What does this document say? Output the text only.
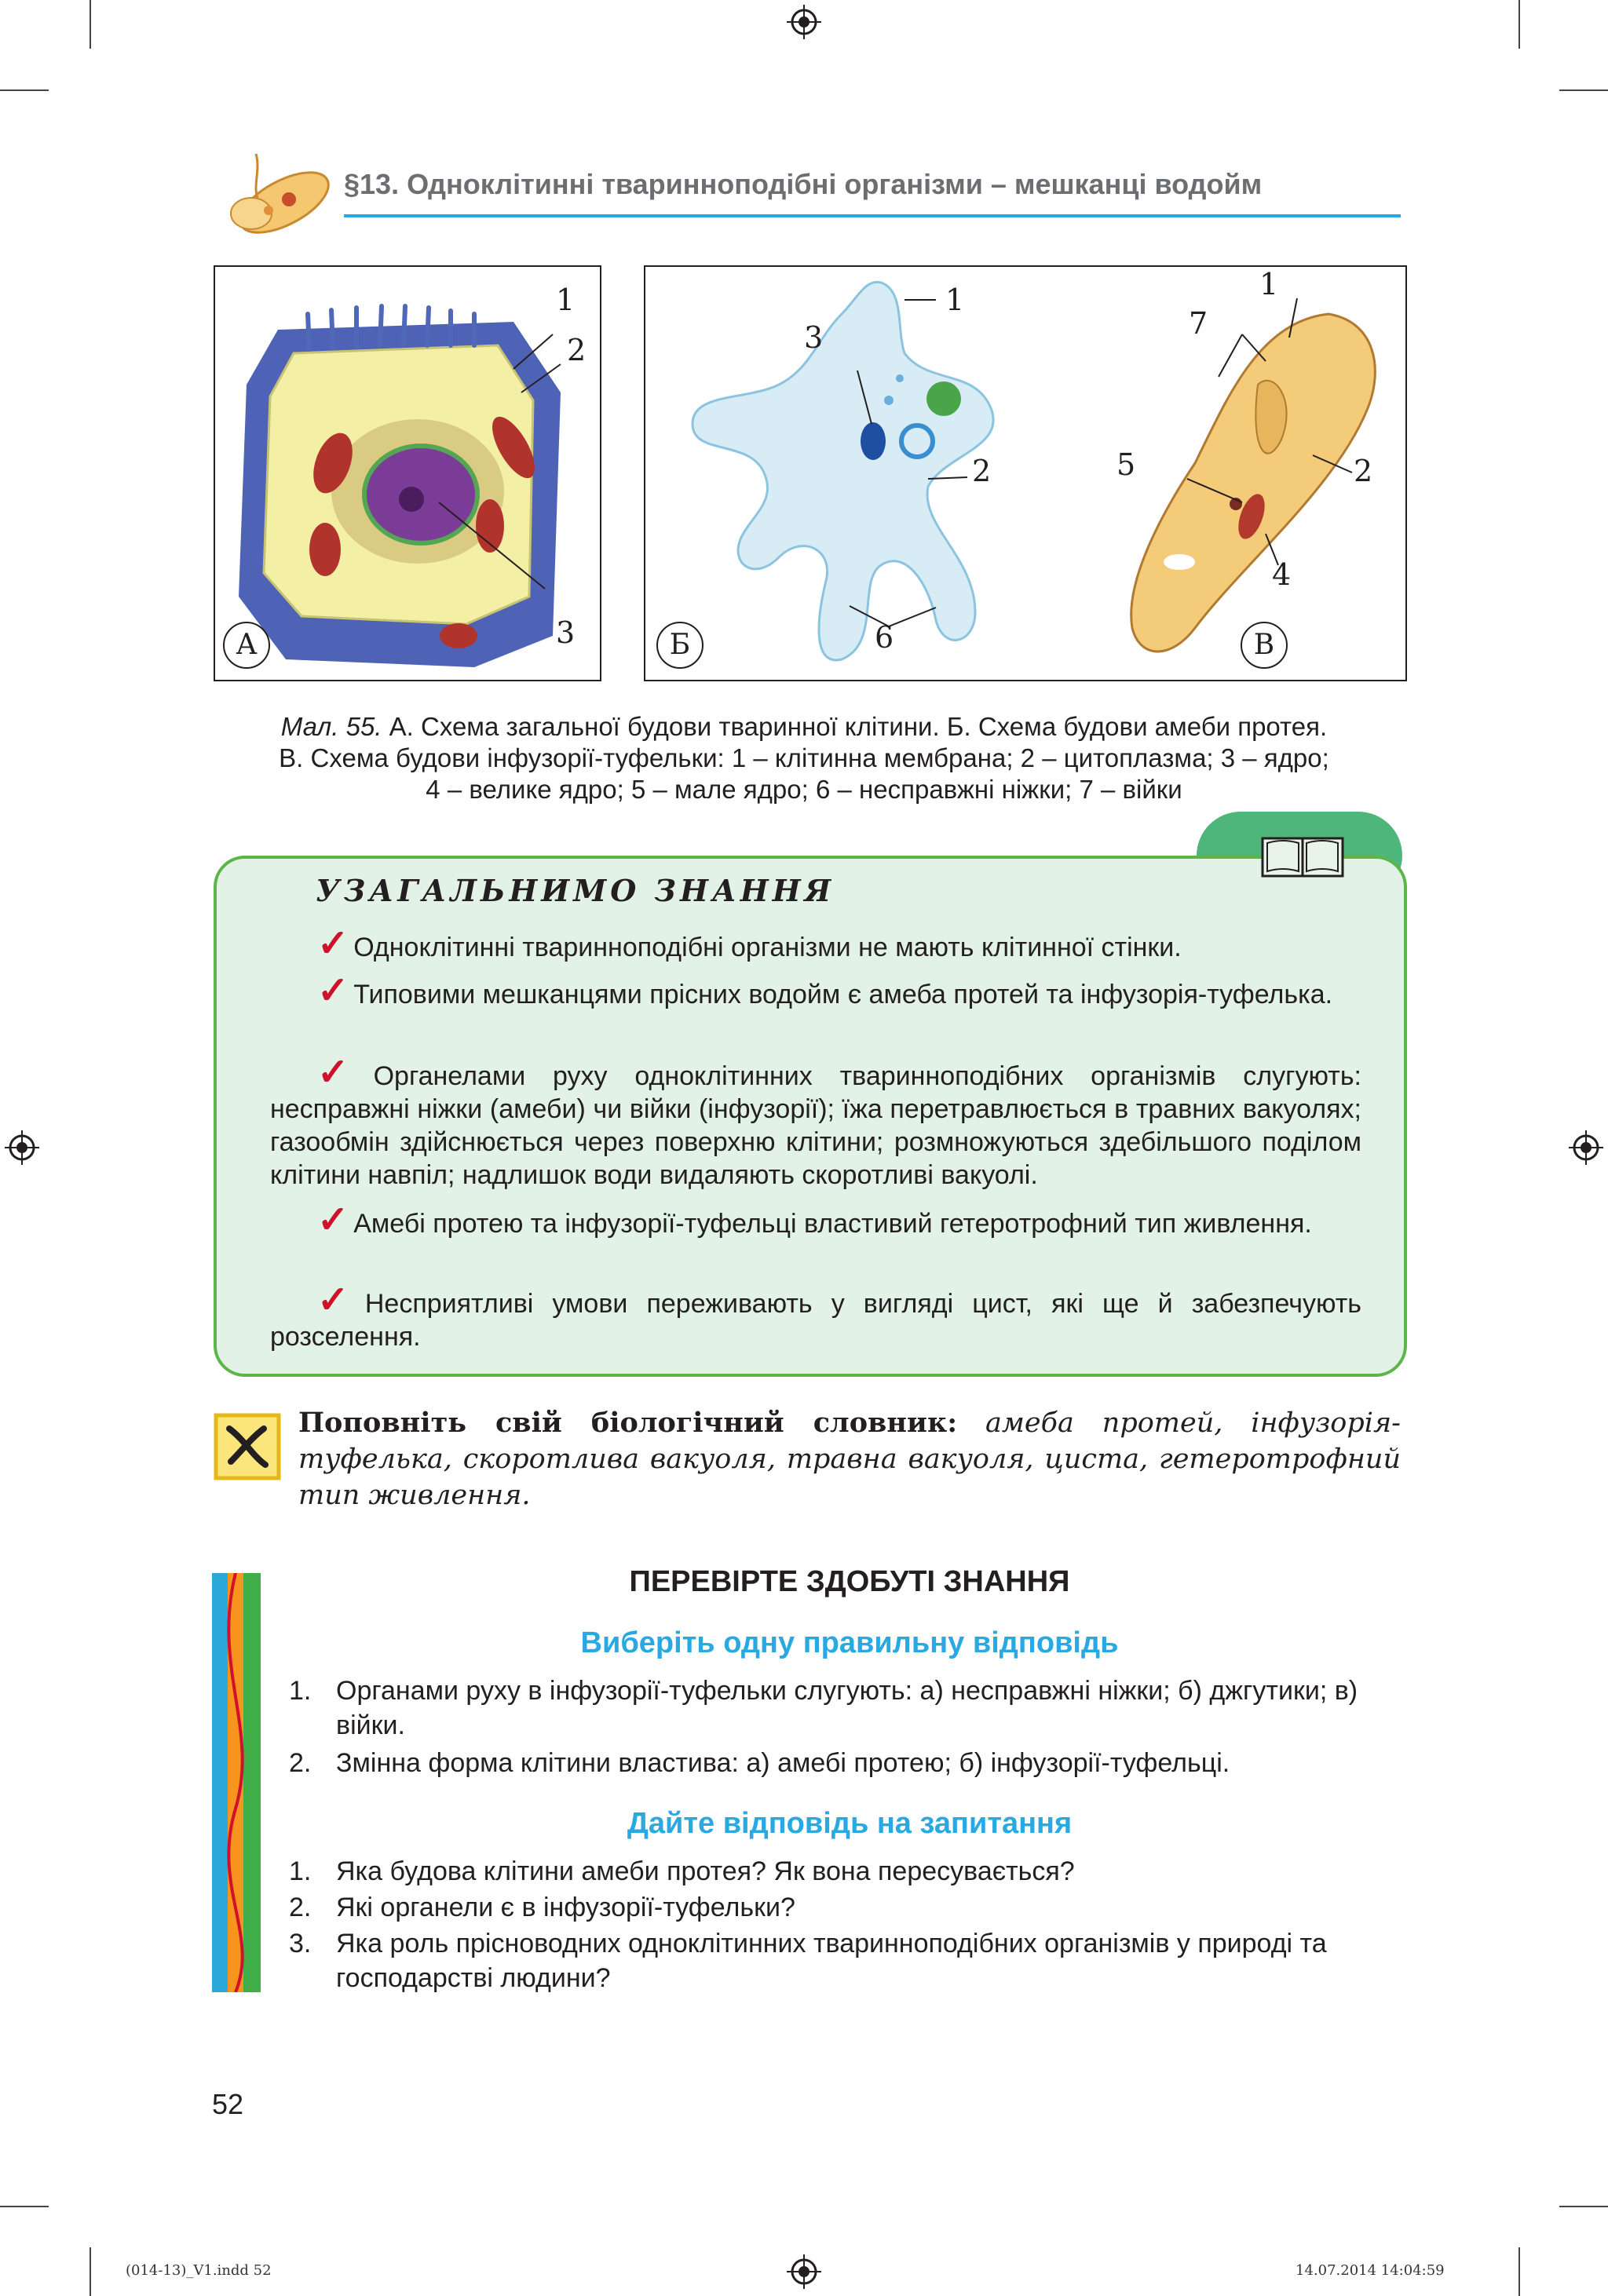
§13. Одноклітинні тваринноподібні організми – мешканці водойм
1
2
3
А
1
2
3
6
Б
1
2
4
5
7
В
Мал. 55. А. Схема загальної будови тваринної клітини. Б. Схема будови амеби протея.
В. Схема будови інфузорії-туфельки: 1 – клітинна мембрана; 2 – цитоплазма; 3 – ядро;
4 – велике ядро; 5 – мале ядро; 6 – несправжні ніжки; 7 – війки
УЗАГАЛЬНИМО ЗНАННЯ
✓ Одноклітинні тваринноподібні організми не мають клітинної стінки.
✓ Типовими мешканцями прісних водойм є амеба протей та інфузорія-туфелька.
✓ Органелами руху одноклітинних тваринноподібних організмів слугують: несправжні ніжки (амеби) чи війки (інфузорії); їжа перетравлюється в травних вакуолях; газообмін здійснюється через поверхню клітини; розмножуються здебільшого поділом клітини навпіл; надлишок води видаляють скоротливі вакуолі.
✓ Амебі протею та інфузорії-туфельці властивий гетеротрофний тип живлення.
✓ Несприятливі умови переживають у вигляді цист, які ще й забезпечують розселення.
Поповніть свій біологічний словник: амеба протей, інфузорія-туфелька, скоротлива вакуоля, травна вакуоля, циста, гетеротрофний тип живлення.
ПЕРЕВІРТЕ ЗДОБУТІ ЗНАННЯ
Виберіть одну правильну відповідь
1. Органами руху в інфузорії-туфельки слугують: а) несправжні ніжки; б) джгутики; в) війки.
2. Змінна форма клітини властива: а) амебі протею; б) інфузорії-туфельці.
Дайте відповідь на запитання
1. Яка будова клітини амеби протея? Як вона пересувається?
2. Які органели є в інфузорії-туфельки?
3. Яка роль прісноводних одноклітинних тваринноподібних організмів у природі та господарстві людини?
52
(014-13)_V1.indd 52	14.07.2014 14:04:59
